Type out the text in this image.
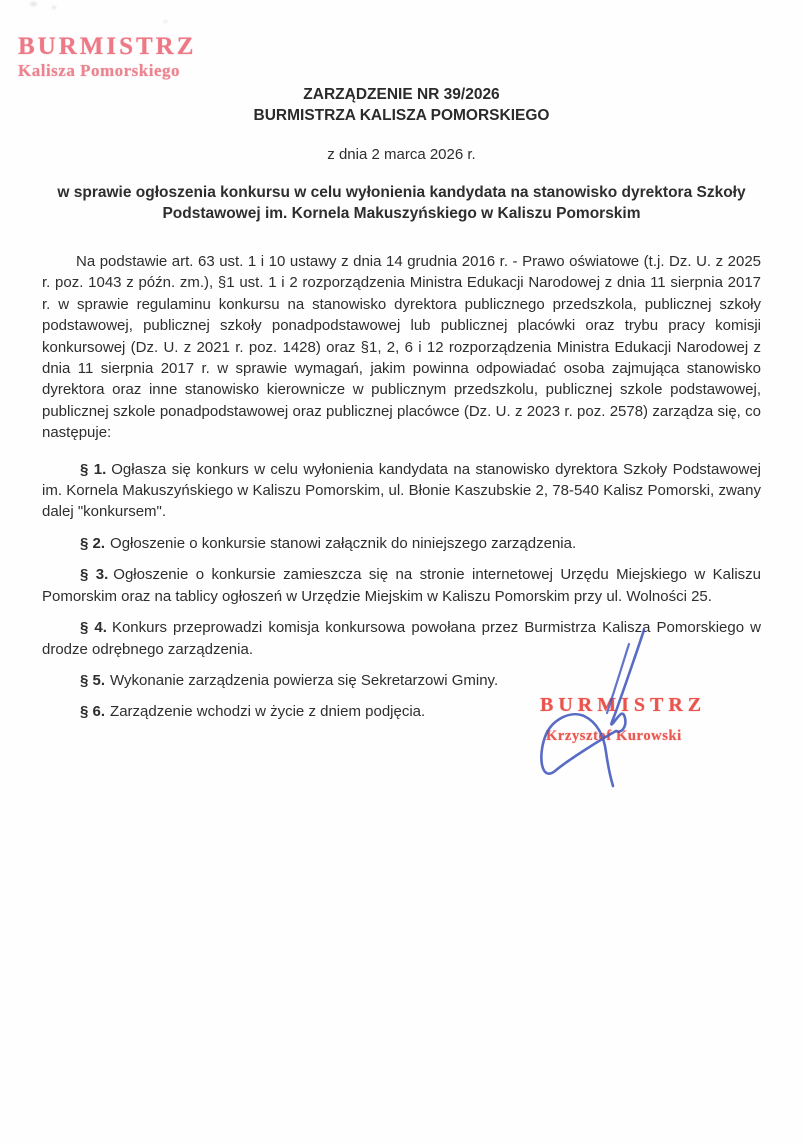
BURMISTRZ
Kalisza Pomorskiego
ZARZĄDZENIE NR 39/2026
BURMISTRZA KALISZA POMORSKIEGO
z dnia 2 marca 2026 r.
w sprawie ogłoszenia konkursu w celu wyłonienia kandydata na stanowisko dyrektora Szkoły Podstawowej im. Kornela Makuszyńskiego w Kaliszu Pomorskim

Na podstawie art. 63 ust. 1 i 10 ustawy z dnia 14 grudnia 2016 r. - Prawo oświatowe (t.j. Dz. U. z 2025 r. poz. 1043 z późn. zm.), §1 ust. 1 i 2 rozporządzenia Ministra Edukacji Narodowej z dnia 11 sierpnia 2017 r. w sprawie regulaminu konkursu na stanowisko dyrektora publicznego przedszkola, publicznej szkoły podstawowej, publicznej szkoły ponadpodstawowej lub publicznej placówki oraz trybu pracy komisji konkursowej (Dz. U. z 2021 r. poz. 1428) oraz §1, 2, 6 i 12 rozporządzenia Ministra Edukacji Narodowej z dnia 11 sierpnia 2017 r. w sprawie wymagań, jakim powinna odpowiadać osoba zajmująca stanowisko dyrektora oraz inne stanowisko kierownicze w publicznym przedszkolu, publicznej szkole podstawowej, publicznej szkole ponadpodstawowej oraz publicznej placówce (Dz. U. z 2023 r. poz. 2578) zarządza się, co następuje:

§ 1. Ogłasza się konkurs w celu wyłonienia kandydata na stanowisko dyrektora Szkoły Podstawowej im. Kornela Makuszyńskiego w Kaliszu Pomorskim, ul. Błonie Kaszubskie 2, 78-540 Kalisz Pomorski, zwany dalej "konkursem".

§ 2. Ogłoszenie o konkursie stanowi załącznik do niniejszego zarządzenia.

§ 3. Ogłoszenie o konkursie zamieszcza się na stronie internetowej Urzędu Miejskiego w Kaliszu Pomorskim oraz na tablicy ogłoszeń w Urzędzie Miejskim w Kaliszu Pomorskim przy ul. Wolności 25.

§ 4. Konkurs przeprowadzi komisja konkursowa powołana przez Burmistrza Kalisza Pomorskiego w drodze odrębnego zarządzenia.

§ 5. Wykonanie zarządzenia powierza się Sekretarzowi Gminy.

§ 6. Zarządzenie wchodzi w życie z dniem podjęcia.	BURMISTRZ
Krzysztof Kurowski
